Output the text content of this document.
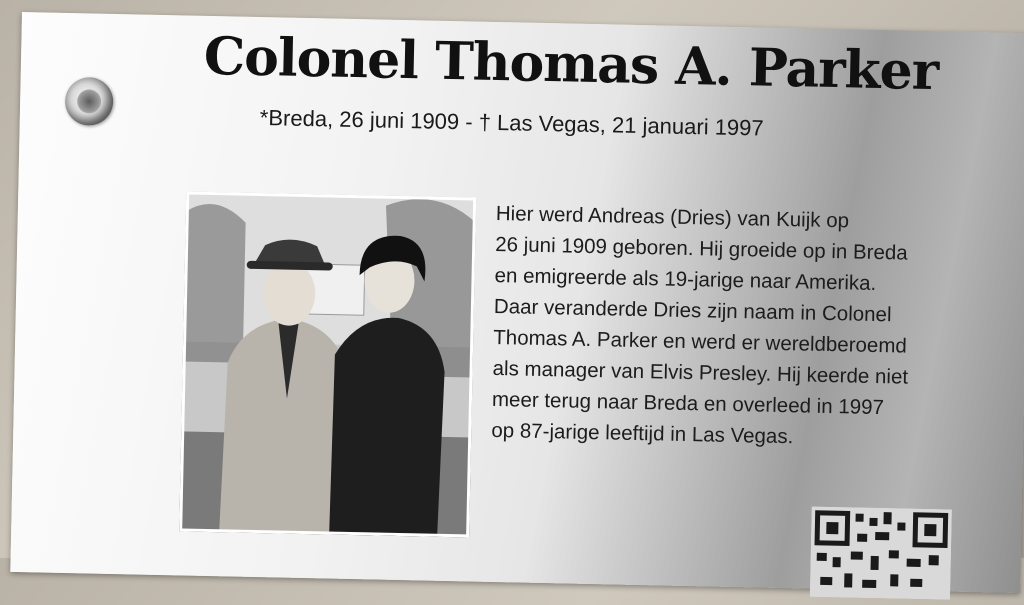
Colonel Thomas A. Parker
*Breda, 26 juni 1909 - † Las Vegas, 21 januari 1997
Hier werd Andreas (Dries) van Kuijk op
26 juni 1909 geboren. Hij groeide op in Breda
en emigreerde als 19-jarige naar Amerika.
Daar veranderde Dries zijn naam in Colonel
Thomas A. Parker en werd er wereldberoemd
als manager van Elvis Presley. Hij keerde niet
meer terug naar Breda en overleed in 1997
op 87-jarige leeftijd in Las Vegas.
